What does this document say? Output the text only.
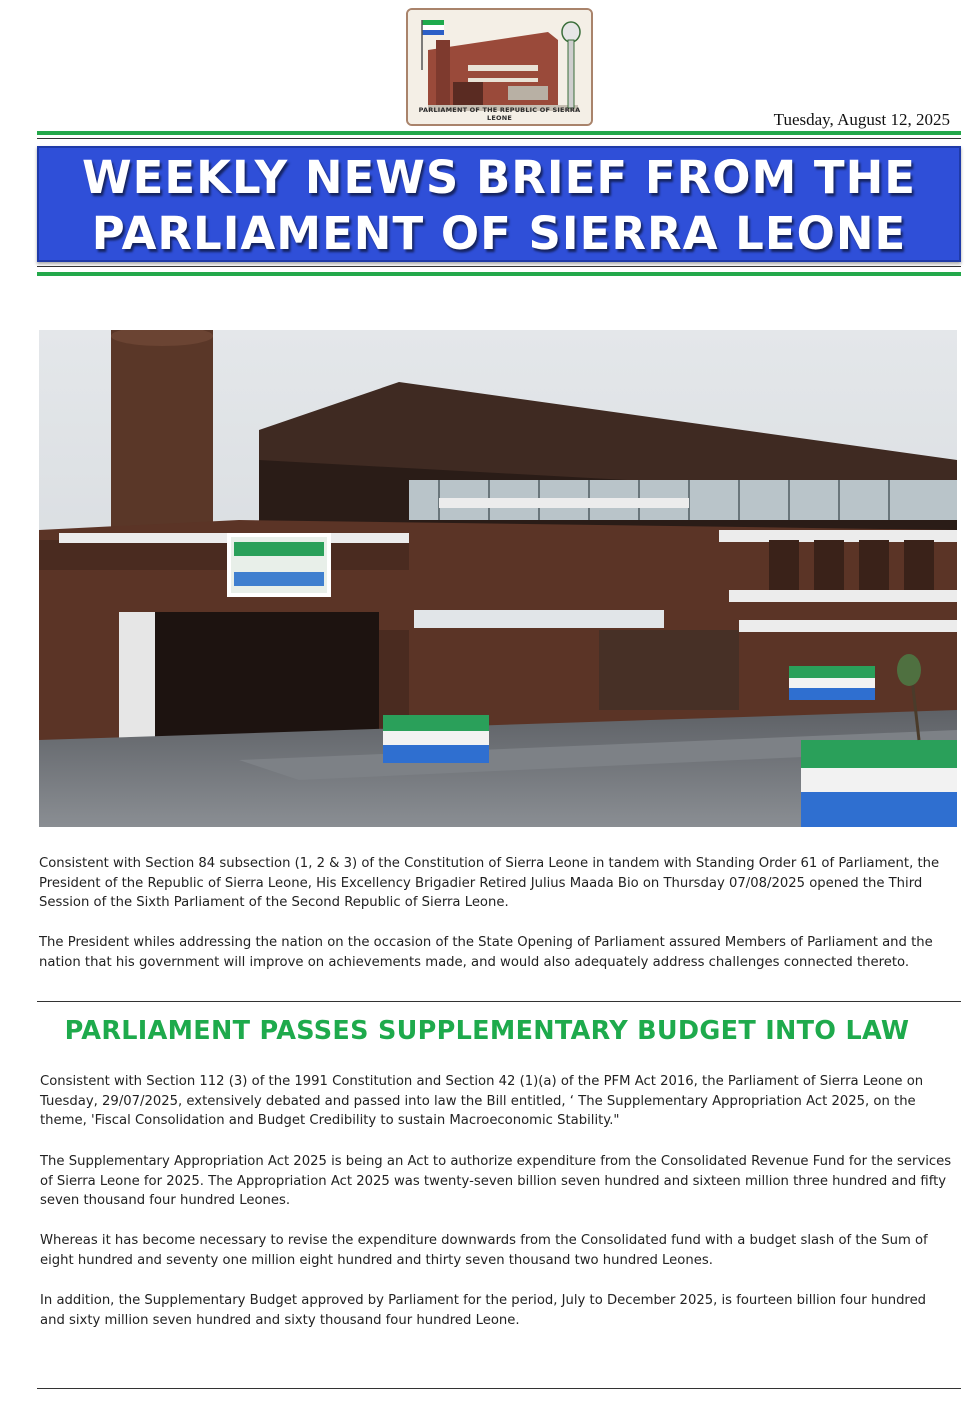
PARLIAMENT OF THE REPUBLIC OF SIERRA LEONE	Tuesday, August 12, 2025
WEEKLY NEWS BRIEF FROM THE
PARLIAMENT OF SIERRA LEONE
Consistent with Section 84 subsection (1, 2 & 3) of the Constitution of Sierra Leone in tandem with Standing Order 61 of Parliament, the President of the Republic of Sierra Leone, His Excellency Brigadier Retired Julius Maada Bio on Thursday 07/08/2025 opened the Third Session of the Sixth Parliament of the Second Republic of Sierra Leone.
The President whiles addressing the nation on the occasion of the State Opening of Parliament assured Members of Parliament and the nation that his government will improve on achievements made, and would also adequately address challenges connected thereto.
PARLIAMENT PASSES SUPPLEMENTARY BUDGET INTO LAW
Consistent with Section 112 (3) of the 1991 Constitution and Section 42 (1)(a) of the PFM Act 2016, the Parliament of Sierra Leone on Tuesday, 29/07/2025, extensively debated and passed into law the Bill entitled, ‘ The Supplementary Appropriation Act 2025, on the theme, 'Fiscal Consolidation and Budget Credibility to sustain Macroeconomic Stability."
The Supplementary Appropriation Act 2025 is being an Act to authorize expenditure from the Consolidated Revenue Fund for the services of Sierra Leone for 2025. The Appropriation Act 2025 was twenty-seven billion seven hundred and sixteen million three hundred and fifty seven thousand four hundred Leones.
Whereas it has become necessary to revise the expenditure downwards from the Consolidated fund with a budget slash of the Sum of eight hundred and seventy one million eight hundred and thirty seven thousand two hundred Leones.
In addition, the Supplementary Budget approved by Parliament for the period, July to December 2025, is fourteen billion four hundred and sixty million seven hundred and sixty thousand four hundred Leone.
